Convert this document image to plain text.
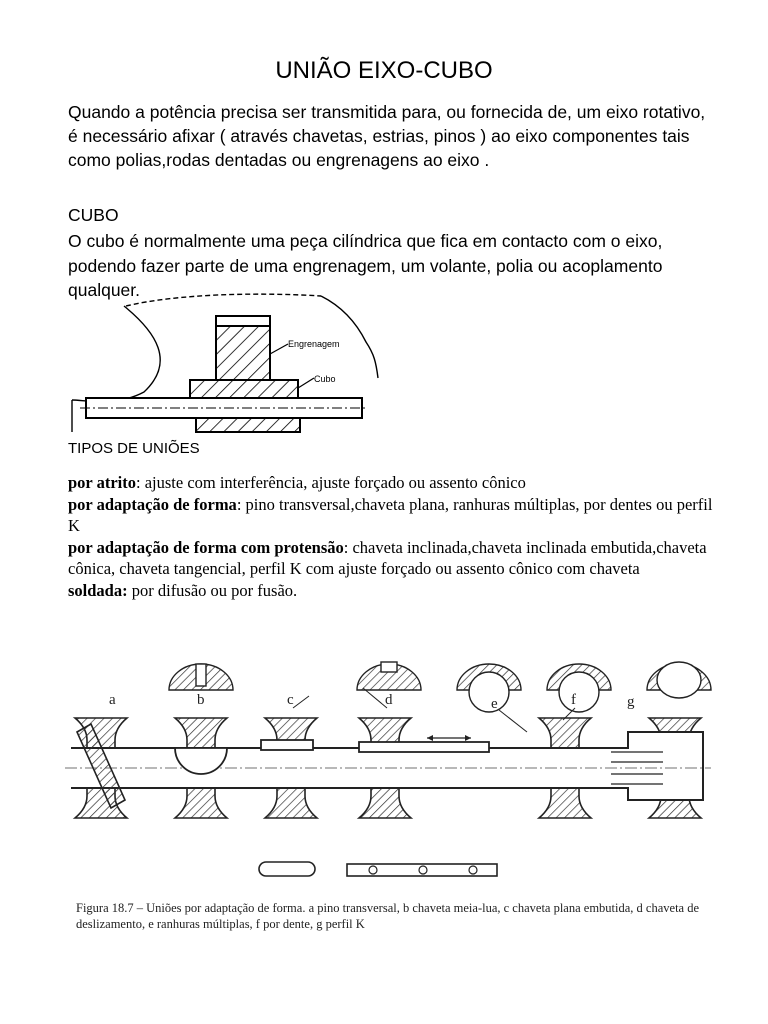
UNIÃO EIXO-CUBO

Quando a potência precisa ser transmitida para, ou fornecida de, um eixo rotativo, é necessário afixar ( através chavetas, estrias, pinos ) ao eixo componentes tais como polias,rodas dentadas ou engrenagens ao eixo .

CUBO

O cubo é normalmente uma peça cilíndrica que fica em contacto com o eixo, podendo fazer parte de uma engrenagem, um volante, polia ou acoplamento qualquer.

Engrenagem
Cubo
TIPOS DE UNIÕES
por atrito: ajuste com interferência, ajuste forçado ou assento cônico
por adaptação de forma: pino transversal,chaveta plana, ranhuras múltiplas, por dentes ou perfil K
por adaptação de forma com protensão: chaveta inclinada,chaveta inclinada embutida,chaveta cônica, chaveta tangencial, perfil K com ajuste forçado ou assento cônico com chaveta
soldada: por difusão ou por fusão.
a	b	c	d	e	f	g
Figura 18.7 – Uniões por adaptação de forma. a pino transversal, b chaveta meia-lua, c chaveta plana embutida, d chaveta de deslizamento, e ranhuras múltiplas, f por dente, g perfil K
